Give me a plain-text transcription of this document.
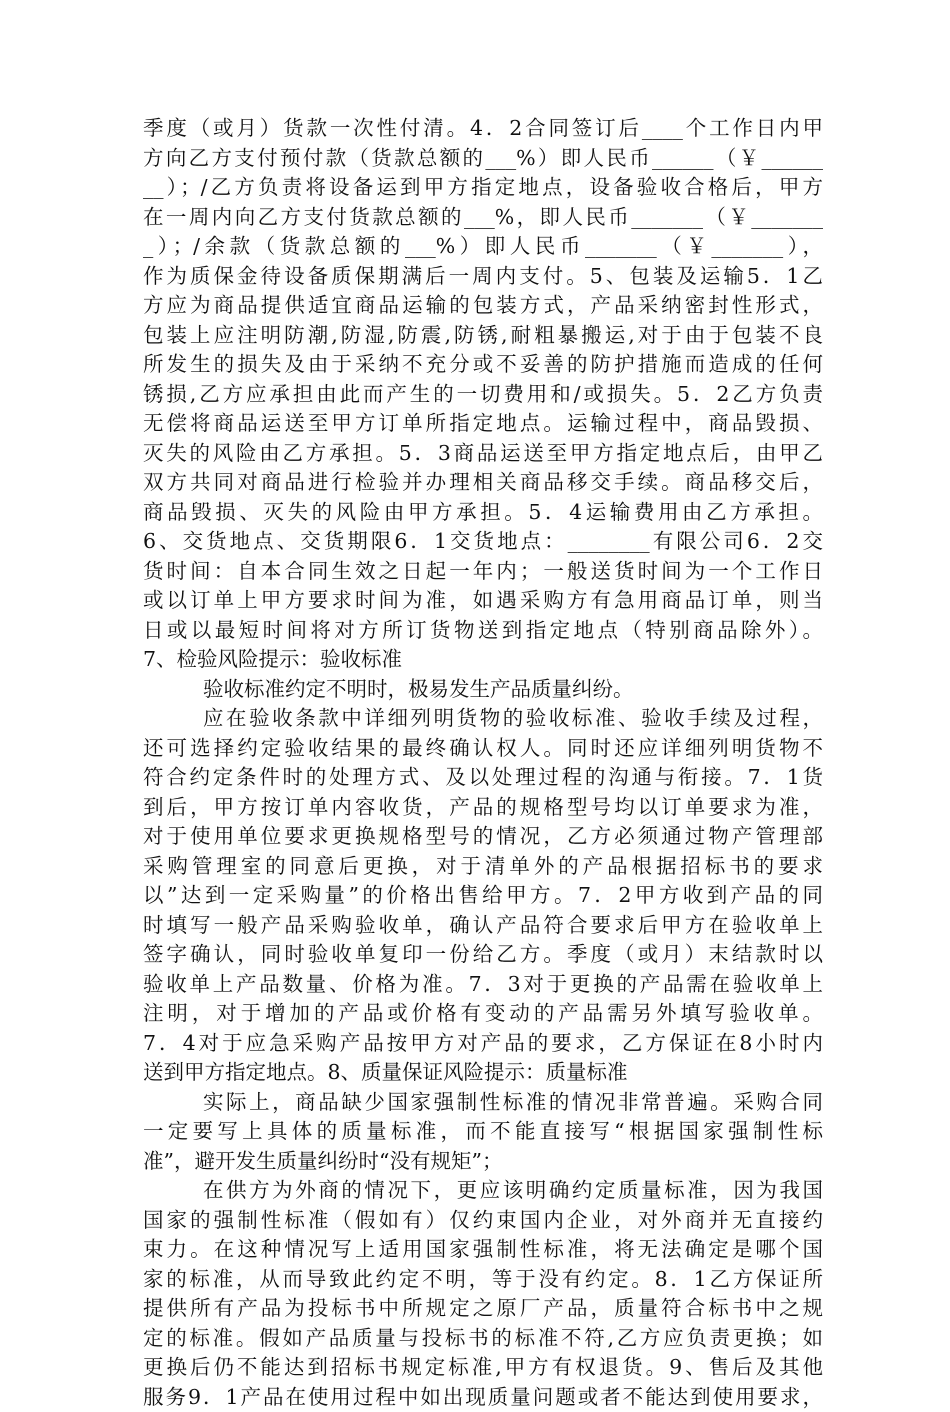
季度（或月）货款一次性付清。4．2合同签订后____个工作日内甲
方向乙方支付预付款（货款总额的___%）即人民币______（￥______
__）；/乙方负责将设备运到甲方指定地点，设备验收合格后，甲方
在一周内向乙方支付货款总额的___%，即人民币_______（￥_______
_）；/余款（货款总额的___%）即人民币_______（￥_______），
作为质保金待设备质保期满后一周内支付。5、包装及运输5．1乙
方应为商品提供适宜商品运输的包装方式，产品采纳密封性形式，
包装上应注明防潮,防湿,防震,防锈,耐粗暴搬运,对于由于包装不良
所发生的损失及由于采纳不充分或不妥善的防护措施而造成的任何
锈损,乙方应承担由此而产生的一切费用和/或损失。5．2乙方负责
无偿将商品运送至甲方订单所指定地点。运输过程中，商品毁损、
灭失的风险由乙方承担。5．3商品运送至甲方指定地点后，由甲乙
双方共同对商品进行检验并办理相关商品移交手续。商品移交后，
商品毁损、灭失的风险由甲方承担。5．4运输费用由乙方承担。
6、交货地点、交货期限6．1交货地点：________有限公司6．2交
货时间：自本合同生效之日起一年内；一般送货时间为一个工作日
或以订单上甲方要求时间为准，如遇采购方有急用商品订单，则当
日或以最短时间将对方所订货物送到指定地点（特别商品除外）。
7、检验风险提示：验收标准
验收标准约定不明时，极易发生产品质量纠纷。
应在验收条款中详细列明货物的验收标准、验收手续及过程，
还可选择约定验收结果的最终确认权人。同时还应详细列明货物不
符合约定条件时的处理方式、及以处理过程的沟通与衔接。7．1货
到后，甲方按订单内容收货，产品的规格型号均以订单要求为准，
对于使用单位要求更换规格型号的情况，乙方必须通过物产管理部
采购管理室的同意后更换，对于清单外的产品根据招标书的要求
以”达到一定采购量”的价格出售给甲方。7．2甲方收到产品的同
时填写一般产品采购验收单，确认产品符合要求后甲方在验收单上
签字确认，同时验收单复印一份给乙方。季度（或月）末结款时以
验收单上产品数量、价格为准。7．3对于更换的产品需在验收单上
注明，对于增加的产品或价格有变动的产品需另外填写验收单。
7．4对于应急采购产品按甲方对产品的要求，乙方保证在8小时内
送到甲方指定地点。8、质量保证风险提示：质量标准
实际上，商品缺少国家强制性标准的情况非常普遍。采购合同
一定要写上具体的质量标准，而不能直接写“根据国家强制性标
准”，避开发生质量纠纷时“没有规矩”；
在供方为外商的情况下，更应该明确约定质量标准，因为我国
国家的强制性标准（假如有）仅约束国内企业，对外商并无直接约
束力。在这种情况写上适用国家强制性标准，将无法确定是哪个国
家的标准，从而导致此约定不明，等于没有约定。8．1乙方保证所
提供所有产品为投标书中所规定之原厂产品，质量符合标书中之规
定的标准。假如产品质量与投标书的标准不符,乙方应负责更换；如
更换后仍不能达到招标书规定标准,甲方有权退货。9、售后及其他
服务9．1产品在使用过程中如出现质量问题或者不能达到使用要求，
